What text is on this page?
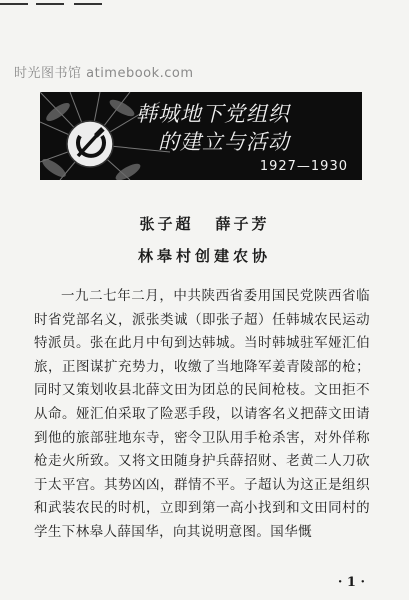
时光图书馆 atimebook.com
韩城地下党组织
的建立与活动
1927—1930
张子超 薛子芳
林皋村创建农协

一九二七年二月，中共陕西省委用国民党陕西省临时省党部名义，派张类诚（即张子超）任韩城农民运动特派员。张在此月中旬到达韩城。当时韩城驻军娅汇伯旅，正图谋扩充势力，收缴了当地降军姜青陵部的枪；同时又策划收县北薛文田为团总的民间枪枝。文田拒不从命。娅汇伯采取了险恶手段，以请客名义把薛文田请到他的旅部驻地东寺，密令卫队用手枪杀害，对外佯称枪走火所致。又将文田随身护兵薛招财、老黄二人刀砍于太平宫。其势凶凶，群情不平。子超认为这正是组织和武装农民的时机，立即到第一高小找到和文田同村的学生下林皋人薛国华，向其说明意图。国华慨

· 1 ·
